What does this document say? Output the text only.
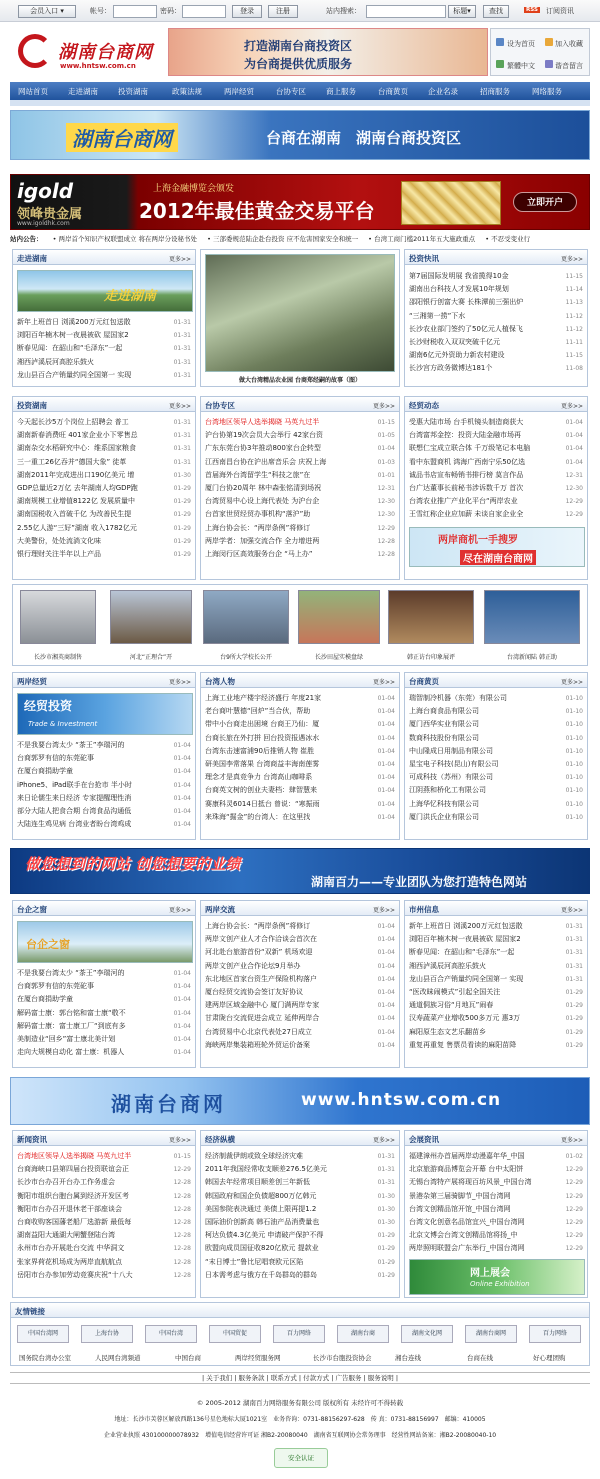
会员入口 ▾	帐号：	密码：	登录	注册	站内搜索：	标题▾	查找	RSS 订阅资讯
湖南台商网
www.hntsw.com.cn
打造湖南台商投资区
为台商提供优质服务
设为首页	加入收藏
繁體中文	谐音留言
网站首页	走进湖南	投资湖南	政策法规	两岸经贸	台协专区	商上服务	台商黄页	企业名录	招商服务	网络服务
湖南台商网	台商在湖南　湖南台商投资区
igold
领峰贵金属
www.igoldhk.com
上海金融博览会颁发
2012年最佳黄金交易平台	立即开户
站内公告： • 两岸首个知识产权联盟成立 将在两岸分设秘书处 • 三部委规范陆企赴台投资 应不危害国家安全和统一 • 台湾工商门槛2011年五大施政重点 • 不忍受变业行
走进湖南	更多>>
走进湖南
新年上班首日 浏溪200万元红包送散	01-31
浏阳百年楠木树一夜晨被砍 屋国家2	01-31
断春见闻：在韶山和“毛泽东”一起	01-31
湘西泸溪辰河高腔乐鼓火	01-31
龙山县百合产销量约同全国第一 实现	01-31
做大台湾精品农业园 台商郑经嗣的故事（图）
投资快讯	更多>>
第7届国际发明展 我省揽得10金	11-15
湖南出台科技人才发展10年规划	11-14
邵阳银行创富大赛 长株潭前三强出炉	11-13
“三湘第一捞”下水	11-12
长沙农业部门签约了50亿元人植保飞	11-12
长沙财税收入双双突破千亿元	11-11
湖南6亿元外资助力新农村建设	11-15
长沙宫方政务微博达181个	11-08
投资湖南	更多>>
今天起长沙5万个岗位上招聘会 普工	01-31
湖南新春消费旺 401家企业小下零售总	01-31
湖南杂交水稻研究中心：维系国家粮食	01-31
三一重工26亿吞并“德国大象” 徒革	01-31
湖南2011年完成进出口190亿美元 增	01-30
GDP总量近2万亿 去年湖南人均GDP跑	01-29
湖南规模工业增值8122亿 发展质量中	01-29
湖南国税收入首破千亿 为改善民生提	01-29
2.55亿人游“三好”湖南 收入1782亿元	01-29
大美警份，处处流淌文化味	01-29
银行理财关注半年以上产品	01-29
台协专区	更多>>
台湾地区领导人选举揭晓 马英九过半	01-15
沪台协第19次会员大会举行 42家台资	01-05
广东东莞台协3年推动800家台企转型	01-04
江西南昌台协在沪出席音乐会 庆祝上海	01-03
首届海外台湾留学生“科技之旅”在	01-01
厦门台协20周年 林中森张铭清到场祝	12-31
台湾贸易中心设上海代表处 为沪台企	12-30
台首家世贸经贸办事机构“落沪”助	12-30
上海台协会长：“两岸条例”将修订	12-29
两岸学者：加强交流合作 全力增进两	12-28
上海闵行区高效服务台企 “马上办”	12-28
经贸动态	更多>>
受惠大陆市场 台手机镜头制造商获大	01-04
台湾富邦金控：投资大陆金融市场再	01-04
联想仁宝成立联合体 千万级笔记本电脑	01-04
看中东盟商机 鸿海广西南宁乐50亿选	01-04
诚品书店宣布畅销书排行榜 莫言作品	12-31
台广达董事长前秘书涉诉数千万 首次	12-30
台湾农业推广产业化平台“两岸农业	12-29
王雪红称企业应加薪 未谈自家企业全	12-29
两岸商机一手搜罗
尽在湖南台商网
长沙市湘英商制售	河北“正理合”开	台9所大学校长公开	长沙田屋实模盘绿	韩正访台印象展评	台湾新闻陆 韩正助
两岸经贸	更多>>
经贸投资
Trade & Investment
不是我要台湾太少 “茶王”李瑞河的	01-04
台商郭罗有信的东莞砣事	01-04
在厦台商捐助学童	01-04
iPhone5、iPad联手在台抢市 半小时	01-04
来日论儒生来日经济 专家提醒理性消	01-04
部分大陆人把食合期 台湾食品沟通低	01-04
大陆连生鸡见病 台湾业者盼台湾鸡成	01-04
台湾人物	更多>>
上海工业地产楼宇经济盛行 年度21家	01-04
老台商叶慧德“回炉”当合伙，帮助	01-04
带中小台商走出困境 台商王乃仙：厦	01-04
台商长旅在外打拼 回台投资报遇冰水	01-04
台湾东击速富浦90后推销人物 崔胜	01-04
研美国李常落果 台湾商益丰海南莲雾	01-04
理念才是真竞争力 台湾高山咖啡系	01-04
台商英文树的创业夫妻档：肆智慧来	01-04
赛康科灵6014日抵台 曾说：“寒振雨	01-04
来珠海“掘金”的台湾人：在这里找	01-04
台商黄页	更多>>
瑞智制冷机器（东莞）有限公司	01-10
上海台商食品有限公司	01-10
厦门西华实业有限公司	01-10
数商科技股份有限公司	01-10
中山隆成日用制品有限公司	01-10
星宝电子科技(昆山)有限公司	01-10
可成科技（苏州）有限公司	01-10
江阴燕和桥化工有限公司	01-10
上海华忆科技有限公司	01-10
厦门洪氏企业有限公司	01-10
做您想到的网站 创您想要的业绩
湖南百力——专业团队为您打造特色网站
台企之窗	更多>>
台企之窗
不是我要台湾太少 “茶王”李瑞河的	01-04
台商郭罗有信的东莞砣事	01-04
在厦台商捐助学童	01-04
解码富士康：郭台铭和富士康“敬不	01-04
解码富士康：富士康工厂“到底有多	01-04
美制造业“回乡”富士康北美计划	01-04
走向大规模自动化 富士康：机器人	01-04
两岸交流	更多>>
上海台协会长：“两岸条例”将修订	01-04
两岸文创产业人才合作洽谈会首次在	01-04
河北赴台旅游首份“双新” 机场欢迎	01-04
两岸文创产业合作论坛9月举办	01-04
东北地区首家台资生产保险机构落户	01-04
厦台经贸交流协会签订友好协议	01-04
建两岸区域金融中心 厦门满两岸专家	01-04
甘肃陇台交流促进会成立 延伸两岸合	01-04
台湾贸易中心北京代表处27日成立	01-04
海峡两岸集装箱班轮外贸运价备案	01-04
市州信息	更多>>
新年上班首日 浏溪200万元红包送散	01-31
浏阳百年楠木树一夜晨被砍 屋国家2	01-31
断春见闻：在韶山和“毛泽东”一起	01-31
湘西泸溪辰河高腔乐鼓火	01-31
龙山县百合产销量约同全国第一 实现	01-31
“医改昧闹模式”引起全国关注	01-29
通道侗族习俗“月地瓦”闹春	01-29
汉寿蔬菜产业增收500多万元 惠3万	01-29
麻阳原生态文艺乐翻苗乡	01-29
重复再重复 售票员看读的麻阳苗降	01-29
湖南台商网	www.hntsw.com.cn
新闻资讯	更多>>
台湾地区领导人选举揭晓 马英九过半	01-15
台商海峡口县第四届台投资联谊会正	12-29
长沙市台办召开台办工作务虚会	12-28
衡阳市组织台胞台属到经济开发区考	12-28
衡阳市台办召开退休老干部座谈会	12-28
台商收购客国藩老船厂选游新 最低每	12-28
湖南益阳大通湖大闸蟹登陆台湾	12-28
永州市台办开展赴台交流 中华洞文	12-28
张家界荷花机场成为两岸直航航点	12-28
岳阳市台办参加劳动竞赛庆祝“十八大	12-28
经济纵横	更多>>
经济制裁伊朗或致全球经济灾难	01-31
2011年我国经常收支顺差276.5亿美元	01-31
韩国去年经常项目顺差创三年新低	01-31
韩国政府和国企负债超800万亿韩元	01-30
美国参院表决通过 美债上限再提1.2	01-30
国际油价创新高 韩石油产品消费量也	01-30
柯达负债4.3亿美元 申请破产保护不得	01-29
欧盟向成员国征收820亿欧元 提款业	01-29
“末日博士”鲁比尼唱衰欧元区陷	01-29
日本需考虑与俄方在千岛群岛的群岛	01-29
会展资讯	更多>>
福建漳州办首届两岸动漫嘉年华_中国	01-02
北京旅游商品博览会开幕 台中太阳饼	12-29
无锡台湾特产展将现百坊风景_中国台湾	12-29
景港杂第三届骑脚节_中国台湾网	12-29
台湾文创精品馆开馆_中国台湾网	12-29
台湾文化创意名品馆宜兴_中国台湾网	12-29
北京文博会台湾文创精品馆将扬_中	12-29
两岸照明联盟会广东举行_中国台湾网	12-29
网上展会
Online Exhibition
友情链接
中国台湾网	上海台协	中国台湾	中国贸促	百力网络	湖南台商	湖南文化网	湖南台商网	百力网络
国务院台湾办公室	人民网台湾频道	中国台商	两岸经贸服务网	长沙市台胞投资协会	湘台连线	台商在线	好心理团购
| 关于我们 | 服务条款 | 联系方式 | 付款方式 | 广告服务 | 服务说明 |
© 2005-2012 湖南百力网络服务有限公司 版权所有 未经许可不得转载
地址：长沙市芙蓉区解放西路136号星色地标大厦1021室　业务咨询：0731-88156297-628　传 真：0731-88156997　邮编：410005
企业营业执照 430100000078932　增值电信经营许可证 湘B2-20080040　湖南省互联网协会常务理事　经营性网站备案：湘B2-20080040-10
安全认证
